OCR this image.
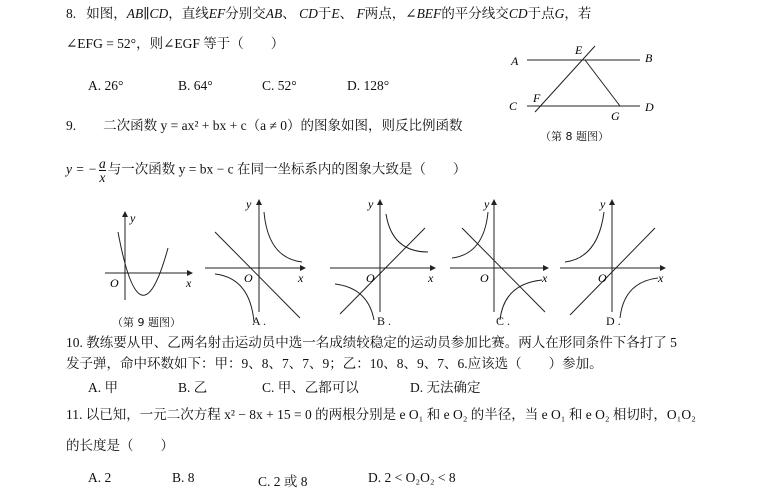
8. 如图，AB∥CD，直线EF分别交AB、 CD于E、 F两点，∠BEF的平分线交CD于点G，若
∠EFG = 52°，则∠EGF 等于（　　）
A. 26°	B. 64°	C. 52°	D. 128°
A	B
C	D
E
F
G
（第 8 题图）
9.　　二次函数 y = ax² + bx + c（a ≠ 0）的图象如图，则反比例函数
y = − $\frac{a}{x}$ 与一次函数 y = bx − c 在同一坐标系内的图象大致是（　　）
y
x
O
y
x
O
y
x
O
y
x
O
y
x
O
（第 9 题图）	A .	B .	C .	D .
10. 教练要从甲、乙两名射击运动员中选一名成绩较稳定的运动员参加比赛。两人在形同条件下各打了 5
发子弹，命中环数如下：甲：9、8、7、7、9；乙：10、8、9、7、6.应该选（　　）参加。
A. 甲	B. 乙	C. 甲、乙都可以	D. 无法确定
11. 以已知，一元二次方程 x² − 8x + 15 = 0 的两根分别是 e O₁ 和 e O₂ 的半径，当 e O₁ 和 e O₂ 相切时，O₁O₂
的长度是（　　）
A. 2	B. 8	C. 2 或 8	D. 2 < O₂O₂ < 8
